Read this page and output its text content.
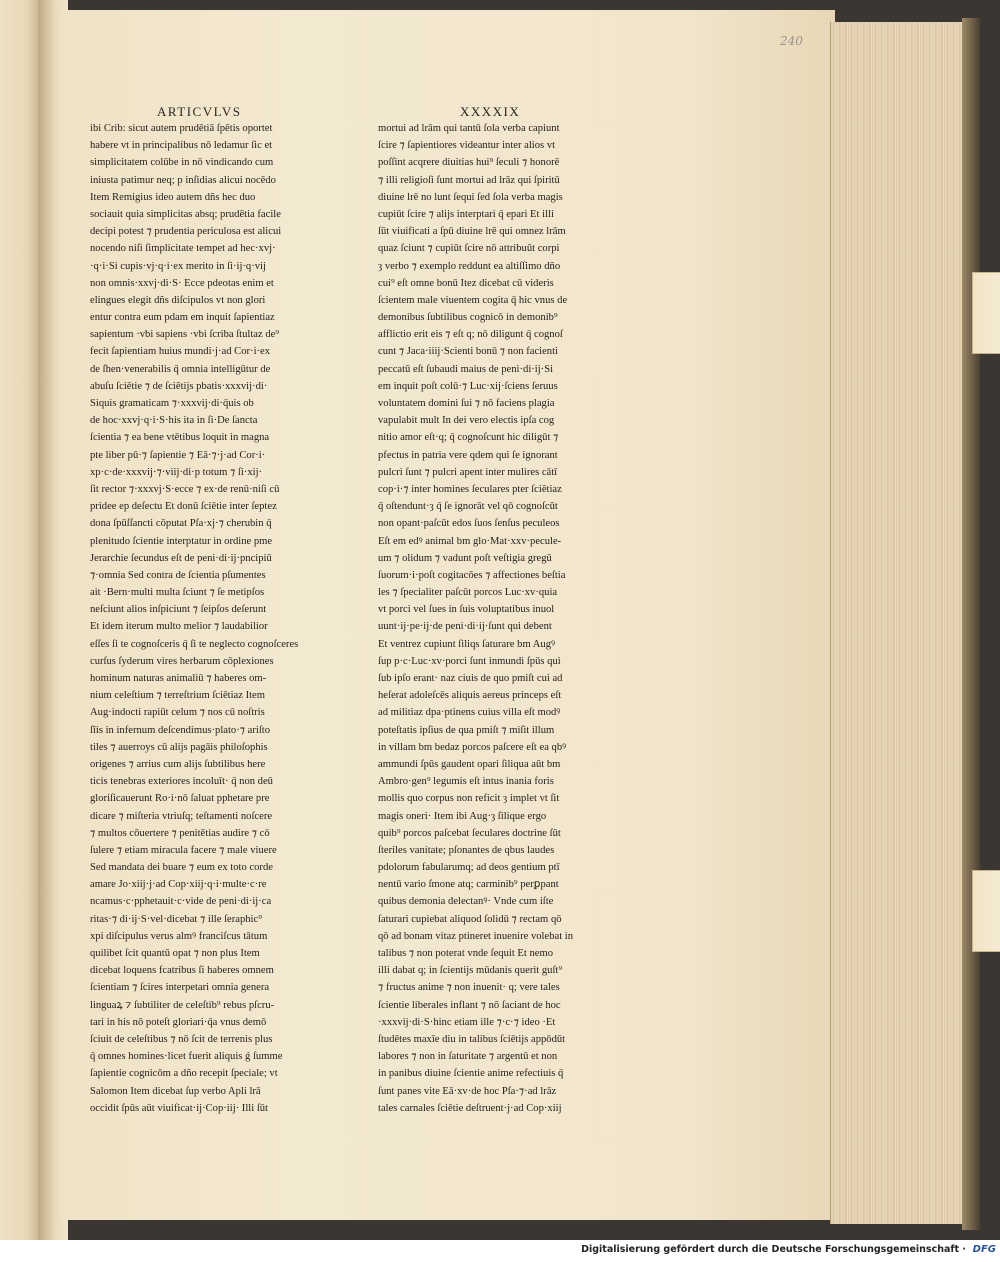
240
ARTICVLVS	XXXXIX
ibi Crib: sicut autem prudētiā ſpētis oportet
habere vt in principalibus nō ledamur ſic et
simplicitatem colūbe in nō vindicando cum
iniusta patimur neq; p inſidias alicui nocēdo
Item Remigius ideo autem dñs hec duo
sociauit quia simplicitas absq; prudētia facile
decipi potest ⁊ prudentia periculosa est alicui
nocendo niſi ſimplicitate tempet ad hec·xvj·
·q·i·Si cupis·vj·q·i·ex merito in ſi·ij·q·vij
non omnis·xxvj·di·S· Ecce pdeotas enim et
elingues elegit dñs diſcipulos vt non glori
entur contra eum pdam em inquit ſapientiaz
sapientum ·vbi sapiens ·vbi ſcriba ſtultaz de⁹
fecit ſapientiam huius mundi·j·ad Cor·i·ex
de ſhen·venerabilis q̄ omnia intelligūtur de
abuſu ſciētie ⁊ de ſciētijs pbatis·xxxvij·di·
Siquis gramaticam ⁊·xxxvij·di·q̄uis ob
de hoc·xxvj·q·i·S·his ita in ſi·De ſancta
ſcientia ⁊ ea bene vtētibus loquit in magna
pte liber pū·⁊ ſapientie ⁊ Eā·⁊·j·ad Cor·i·
xp·c·de·xxxvij·⁊·viij·di·p totum ⁊ ſi·xij·
ſit rector ⁊·xxxvj·S·ecce ⁊ ex·de renū·niſi cū
pridee ep deſectu Et donū ſciētie inter ſeptez
dona ſpūſſancti cōputat Pſa·xj·⁊ cherubin q̄
plenitudo ſcientie interptatur in ordine pme
Jerarchie ſecundus eſt de peni·di·ij·pncipiū
⁊·omnia Sed contra de ſcientia pſumentes
ait ·Bern·multi multa ſciunt ⁊ ſe metipſos
neſciunt alios inſpiciunt ⁊ ſeipſos deſerunt
Et idem iterum multo melior ⁊ laudabilior
eſſes ſi te cognoſceris q̄ ſi te neglecto cognoſceres
curſus ſyderum vires herbarum cōplexiones
hominum naturas animaliū ⁊ haberes om-
nium celeſtium ⁊ terreſtrium ſciētiaz Item
Aug·indocti rapiūt celum ⁊ nos cū noſtris
ſīis in infernum deſcendimus·plato·⁊ ariſto
tiles ⁊ auerroys cū alijs pagāis philoſophis
origenes ⁊ arrius cum alijs ſubtilibus here
ticis tenebras exteriores incoluīt· q̄ non deū
gloriſicauerunt Ro·i·nō ſaluat pphetare pre
dicare ⁊ miſteria vtriuſq; teſtamenti noſcere
⁊ multos cōuertere ⁊ penitētias audire ⁊ cō
ſulere ⁊ etiam miracula facere ⁊ male viuere
Sed mandata dei buare ⁊ eum ex toto corde
amare Jo·xiij·j·ad Cop·xiij·q·i·multe·c·re
ncamus·c·pphetauit·c·vide de peni·di·ij·ca
ritas·⁊ di·ij·S·vel·dicebat ⁊ ille ſeraphic⁹
xpi diſcipulus verus almꝰ franciſcus tātum
quilibet ſcit quantū opat ⁊ non plus Item
dicebat loquens fcatribus ſi haberes omnem
ſcientiam ⁊ ſcires interpetari omnia genera
linguaꝝ ⁊ ſubtiliter de celeſtib⁹ rebus pſcru-
tari in his nō poteſt gloriari·q̄a vnus demō
ſciuit de celeſtibus ⁊ nō ſcit de terrenis plus
q̄ omnes homines·licet fuerit aliquis ǵ ſumme
ſapientie cognicōm a dño recepit ſpeciale; vt
Salomon Item dicebat ſup verbo Apli lrā
occidit ſpūs aūt viuificat·ij·Cop·iij· Illi ſūt
mortui ad lrām qui tantū ſola verba capiunt
ſcire ⁊ ſapientiores videantur inter alios vt
poſſint acqrere diuitias hui⁹ ſeculi ⁊ honorē
⁊ illi religioſi ſunt mortui ad lrāz qui ſpiritū
diuine lrē no lunt ſequi ſed ſola verba magis
cupiūt ſcire ⁊ alijs interptari q̄ epari Et illi
ſūt viuificati a ſpū diuine lrē qui omnez lrām
quaz ſciunt ⁊ cupiūt ſcire nō attribuūt corpi
ȝ verbo ⁊ exemplo reddunt ea altiſſimo dño
cui⁹ eſt omne bonū Itez dicebat cū videris
ſcientem male viuentem cogita q̄ hic vnus de
demonibus ſubtilibus cognicō in demonib⁹
afflictio erit eis ⁊ eſt q; nō diligunt q̄ cognoſ
cunt ⁊ Jaca·iiij·Scienti bonū ⁊ non facienti
peccatū eſt ſubaudi maius de peni·di·ij·Si
em inquit poſt colū·⁊ Luc·xij·ſciens ſeruus
voluntatem domini ſui ⁊ nō faciens plagia
vapulabit mult In dei vero electis ipſa cog
nitio amor eſt·q; q̄ cognoſcunt hic diligūt ⁊
pfectus in patria vere qdem qui ſe ignorant
pulcri ſunt ⁊ pulcri apent inter mulires cātī
cop·i·⁊ inter homines ſeculares pter ſciētiaz
q̄ oſtendunt·ȝ q̄ ſe ignorāt vel qō cognoſcūt
non opant·paſcūt edos ſuos ſenſus peculeos
Eſt em edꝰ animal bm glo·Mat·xxv·pecule-
um ⁊ olidum ⁊ vadunt poſt veſtigia gregū
ſuorum·i·poſt cogitacōes ⁊ affectiones beſtia
les ⁊ ſpecialiter paſcūt porcos Luc·xv·quia
vt porci vel ſues in ſuis voluptatibus inuol
uunt·ij·pe·ij·de peni·di·ij·ſunt qui debent
Et ventrez cupiunt ſiliqs ſaturare bm Augꝰ
ſup p·c·Luc·xv·porci ſunt inmundi ſpūs qui
ſub ipſo erant· naz ciuis de quo pmiſt cui ad
heſerat adoleſcēs aliquis aereus princeps eſt
ad militiaz dpa·ptinens cuius villa eſt modꝰ
poteſtatis ipſius de qua pmiſt ⁊ miſit illum
in villam bm bedaz porcos paſcere eſt ea qbꝰ
ammundi ſpūs gaudent opari ſiliqua aūt bm
Ambro·gen⁹ legumis eſt intus inania foris
mollis quo corpus non reficit ȝ implet vt ſit
magis oneri· Item ibi Aug·ȝ ſilique ergo
quib⁹ porcos paſcebat ſeculares doctrine ſūt
ſteriles vanitate; pſonantes de qbus laudes
pdolorum fabularumq; ad deos gentium ptī
nentū vario ſmone atq; carminib⁹ perꝑpant
quibus demonia delectanꝰ· Vnde cum iſte
ſaturari cupiebat aliquod ſolidū ⁊ rectam qō
qō ad bonam vitaz ptineret inuenire volebat in
talibus ⁊ non poterat vnde ſequit Et nemo
illi dabat q; in ſcientijs mūdanis querit guſt⁹
⁊ fructus anime ⁊ non inuenit· q; vere tales
ſcientie liberales inflant ⁊ nō ſaciant de hoc
·xxxvij·di·S·hinc etiam ille ⁊·c·⁊ ideo ·Et
ſtudētes maxīe diu in talibus ſciētijs appōdūt
labores ⁊ non in ſaturitate ⁊ argentū et non
in panibus diuine ſcientie anime refectiuis q̄
ſunt panes vite Eā·xv·de hoc Pſa·⁊·ad lrāz
tales carnales ſciētie deſtruent·j·ad Cop·xiij
Digitalisierung gefördert durch die Deutsche Forschungsgemeinschaft · DFG
